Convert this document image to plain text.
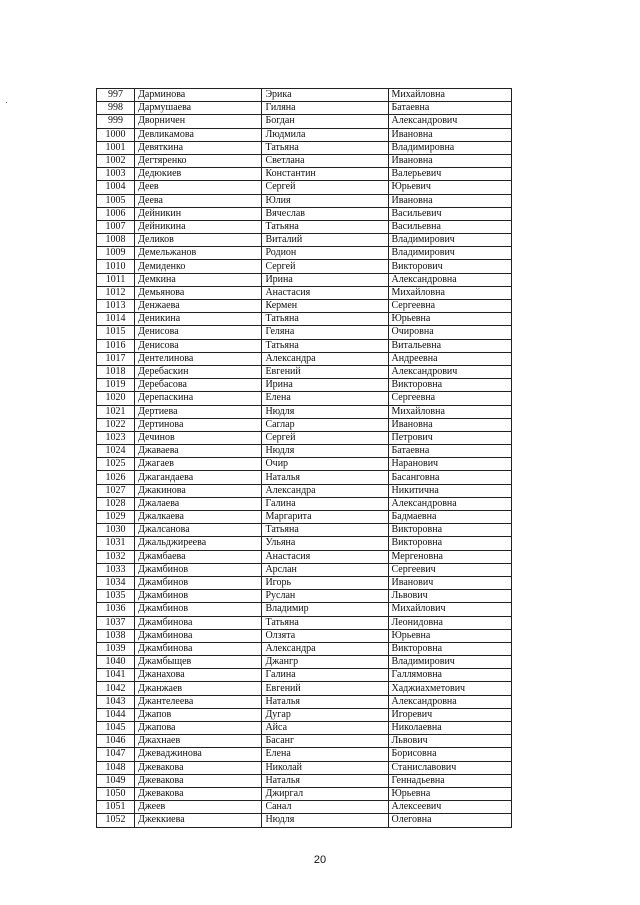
997	Дарминова	Эрика	Михайловна
998	Дармушаева	Гиляна	Батаевна
999	Дворничен	Богдан	Александрович
1000	Девликамова	Людмила	Ивановна
1001	Девяткина	Татьяна	Владимировна
1002	Дегтяренко	Светлана	Ивановна
1003	Дедюкиев	Константин	Валерьевич
1004	Деев	Сергей	Юрьевич
1005	Деева	Юлия	Ивановна
1006	Дейникин	Вячеслав	Васильевич
1007	Дейникина	Татьяна	Васильевна
1008	Деликов	Виталий	Владимирович
1009	Демельжанов	Родион	Владимирович
1010	Демиденко	Сергей	Викторович
1011	Демкина	Ирина	Александровна
1012	Демьянова	Анастасия	Михайловна
1013	Денжаева	Кермен	Сергеевна
1014	Деникина	Татьяна	Юрьевна
1015	Денисова	Геляна	Очировна
1016	Денисова	Татьяна	Витальевна
1017	Дентелинова	Александра	Андреевна
1018	Деребаскин	Евгений	Александрович
1019	Деребасова	Ирина	Викторовна
1020	Дерепаскина	Елена	Сергеевна
1021	Дертиева	Нюдля	Михайловна
1022	Дертинова	Саглар	Ивановна
1023	Дечинов	Сергей	Петрович
1024	Джаваева	Нюдля	Батаевна
1025	Джагаев	Очир	Наранович
1026	Джагандаева	Наталья	Басанговна
1027	Джакинова	Александра	Никитична
1028	Джалаева	Галина	Александровна
1029	Джалкаева	Маргарита	Бадмаевна
1030	Джалсанова	Татьяна	Викторовна
1031	Джальджиреева	Ульяна	Викторовна
1032	Джамбаева	Анастасия	Мергеновна
1033	Джамбинов	Арслан	Сергеевич
1034	Джамбинов	Игорь	Иванович
1035	Джамбинов	Руслан	Львович
1036	Джамбинов	Владимир	Михайлович
1037	Джамбинова	Татьяна	Леонидовна
1038	Джамбинова	Олзята	Юрьевна
1039	Джамбинова	Александра	Викторовна
1040	Джамбыщев	Джангр	Владимирович
1041	Джанахова	Галина	Галлямовна
1042	Джанжаев	Евгений	Хаджиахметович
1043	Джантелеева	Наталья	Александровна
1044	Джапов	Дугар	Игоревич
1045	Джапова	Айса	Николаевна
1046	Джахнаев	Басанг	Львович
1047	Джеваджинова	Елена	Борисовна
1048	Джевакова	Николай	Станиславович
1049	Джевакова	Наталья	Геннадьевна
1050	Джевакова	Джиргал	Юрьевна
1051	Джеев	Санал	Алексеевич
1052	Джеккиева	Нюдля	Олеговна
20
